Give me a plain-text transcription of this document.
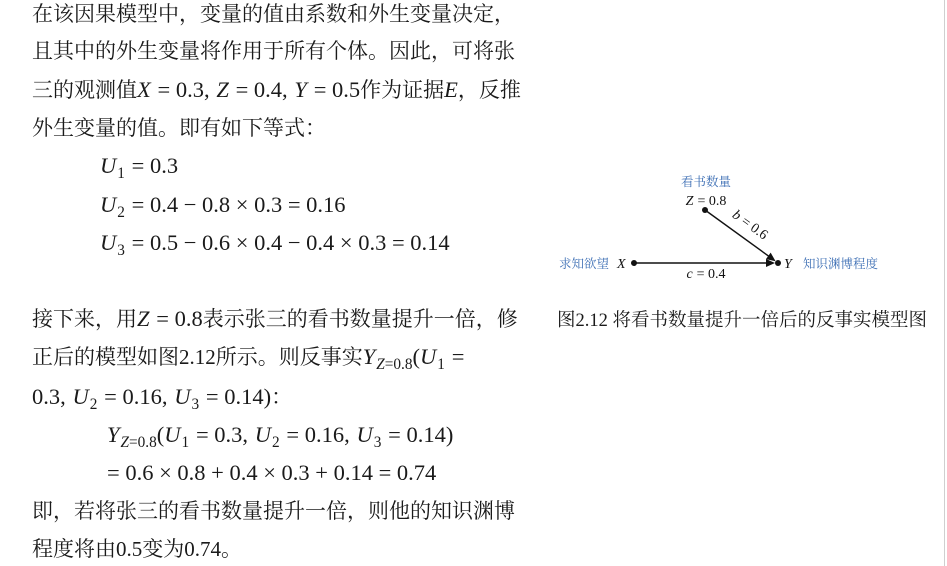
在该因果模型中，变量的值由系数和外生变量决定，
且其中的外生变量将作用于所有个体。因此，可将张
三的观测值 X = 0.3, Z = 0.4, Y = 0.5 作为证据 E ，反推
外生变量的值。即有如下等式：
$U_1 = 0.3$
$U_2 = 0.4 - 0.8 \times 0.3 = 0.16$
$U_3 = 0.5 - 0.6 \times 0.4 - 0.4 \times 0.3 = 0.14$
接下来，用 Z = 0.8 表示张三的看书数量提升一倍，修
正后的模型如图2.12所示。则反事实 $Y_{Z=0.8}$ ( $U_1$ =
0.3, $U_2 = 0.16$, $U_3 = 0.14$) ：
$Y_{Z=0.8}$ ( $U_1 = 0.3$, $U_2 = 0.16$, $U_3 = 0.14$)
= 0.6 × 0.8 + 0.4 × 0.3 + 0.14 = 0.74
即，若将张三的看书数量提升一倍，则他的知识渊博
程度将由0.5变为0.74。
看书数量
Z = 0.8
求知欲望 X	Y 知识渊博程度
b= 0.6
c = 0.4
图2.12 将看书数量提升一倍后的反事实模型图
